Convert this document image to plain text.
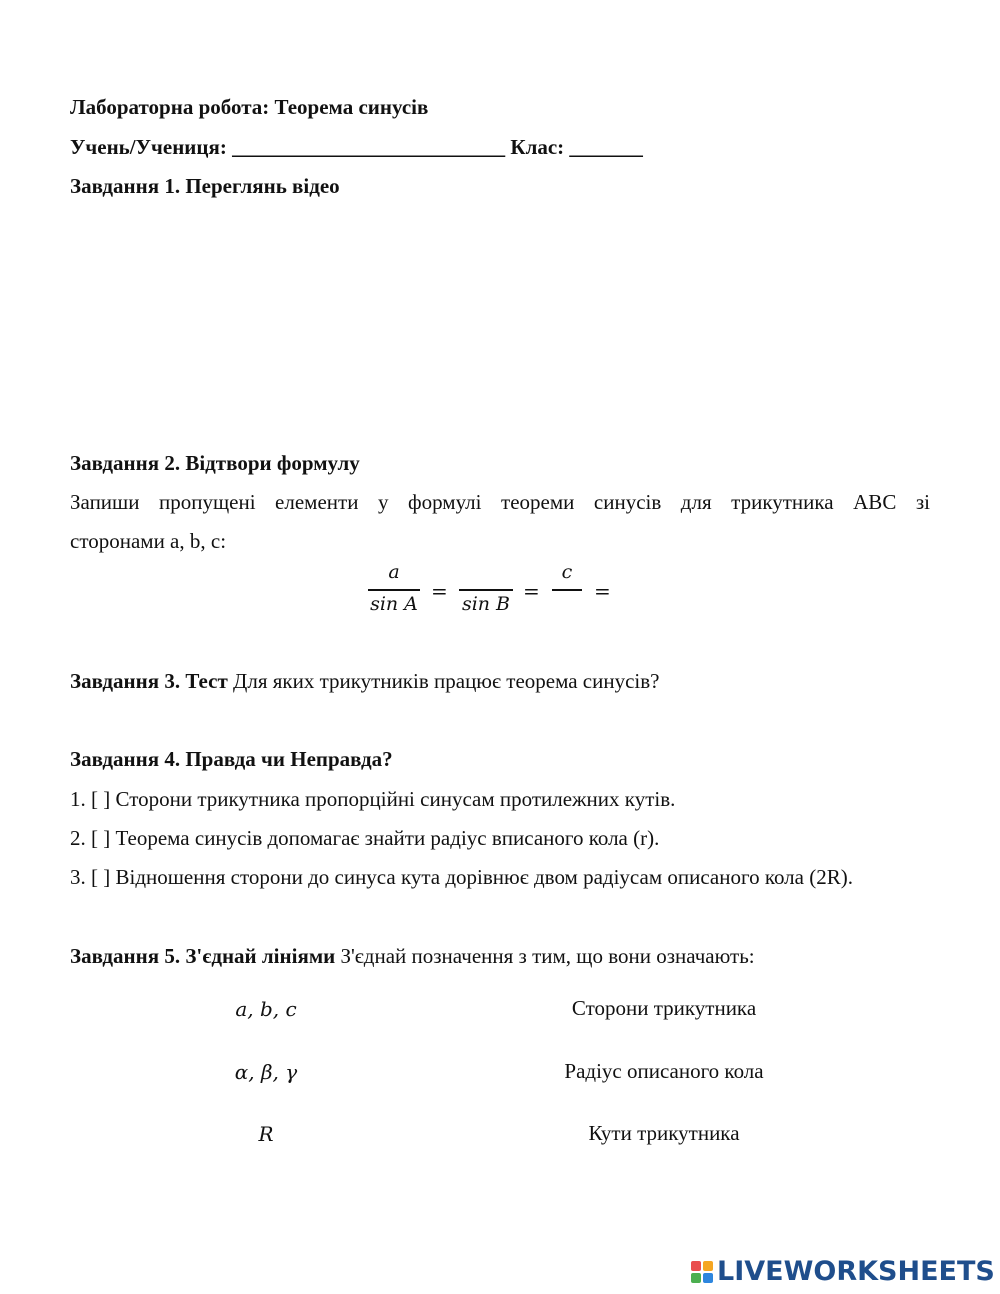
Лабораторна робота: Теорема синусів
Учень/Учениця: __________________________ Клас: _______
Завдання 1. Переглянь відео
Завдання 2. Відтвори формулу
Запиши пропущені елементи у формулі теореми синусів для трикутника ABC зі
сторонами a, b, c:
a
sin A
=
sin B
=
c
=
Завдання 3. Тест Для яких трикутників працює теорема синусів?
Завдання 4. Правда чи Неправда?
1. [ ] Сторони трикутника пропорційні синусам протилежних кутів.
2. [ ] Теорема синусів допомагає знайти радіус вписаного кола (r).
3. [ ] Відношення сторони до синуса кута дорівнює двом радіусам описаного кола (2R).
Завдання 5. З'єднай лініями З'єднай позначення з тим, що вони означають:
a, b, c
α, β, γ
R
Сторони трикутника
Радіус описаного кола
Кути трикутника
LIVEWORKSHEETS
